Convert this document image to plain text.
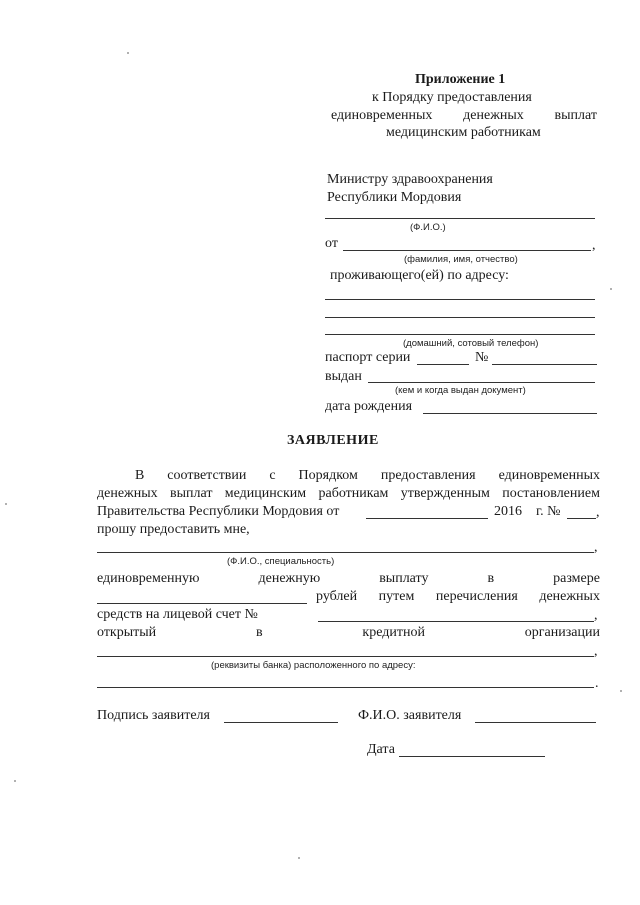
Приложение 1
к Порядку предоставления
единовременных денежных выплат
медицинским работникам
Министру здравоохранения
Республики Мордовия
(Ф.И.О.)
от	,
(фамилия, имя, отчество)
проживающего(ей) по адресу:
(домашний, сотовый телефон)
паспорт серии	№
выдан
(кем и когда выдан документ)
дата рождения
ЗАЯВЛЕНИЕ
В соответствии с Порядком предоставления единовременных
денежных выплат медицинским работникам утвержденным постановлением
Правительства Республики Мордовия от	2016 г. №	,
прошу предоставить мне,
,
(Ф.И.О., специальность)
единовременную	денежную	выплату	в	размере
рублей путем перечисления денежных
средств на лицевой счет №	,
открытый	в	кредитной	организации
,
(реквизиты банка) расположенного по адресу:
.
Подпись заявителя	Ф.И.О. заявителя
Дата
